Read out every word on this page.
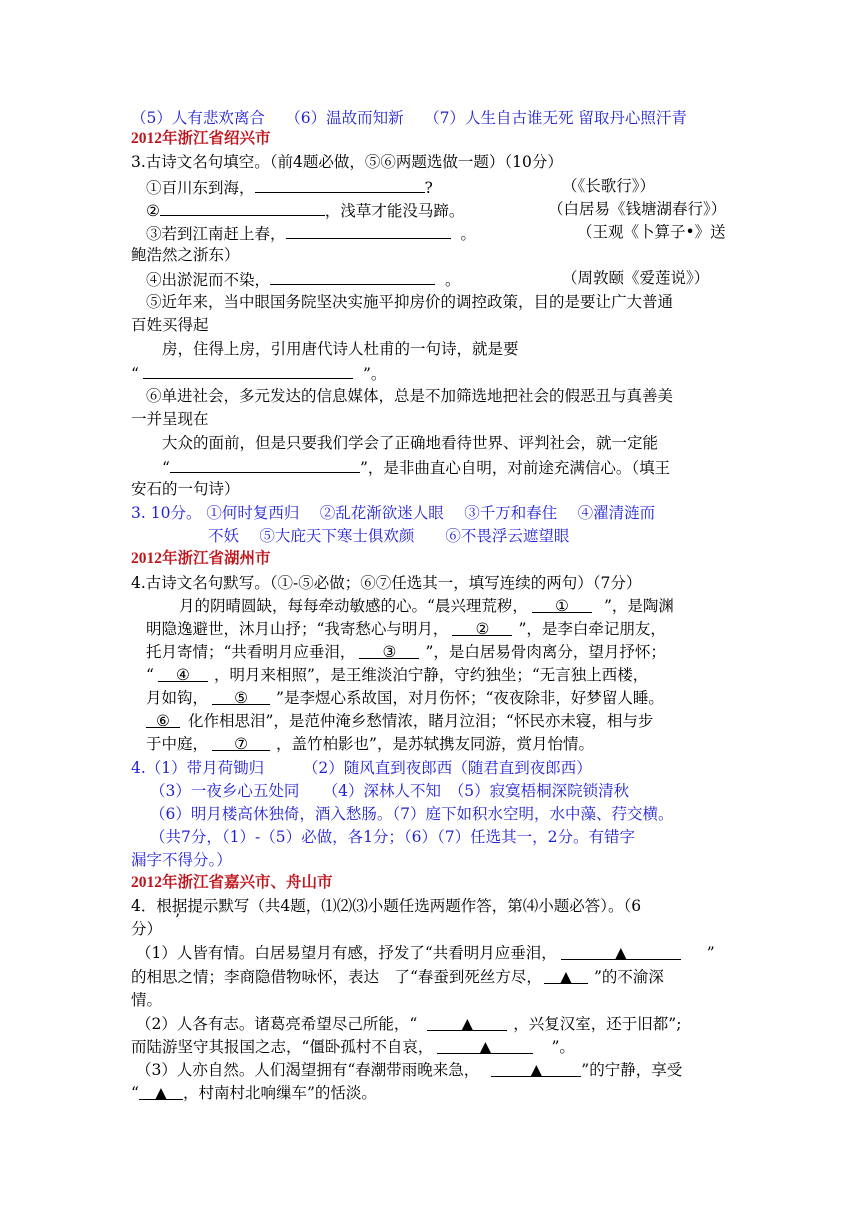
（5）人有悲欢离合　 （6）温故而知新　 （7）人生自古谁无死 留取丹心照汗青
2012年浙江省绍兴市
3.古诗文名句填空。（前4题必做，⑤⑥两题选做一题）（10分）
①百川东到海，	?	（《长歌行》）
②	，浅草才能没马蹄。	（白居易《钱塘湖春行》）
③若到江南赶上春，	。	（王观《卜算子•》送
鲍浩然之浙东）
④出淤泥而不染，	。	（周敦颐《爱莲说》）
⑤近年来，当中眼国务院坚决实施平抑房价的调控政策，目的是要让广大普通
百姓买得起
房，住得上房，引用唐代诗人杜甫的一句诗，就是要
“	”。
⑥单进社会，多元发达的信息媒体，总是不加筛选地把社会的假恶丑与真善美
一并呈现在
大众的面前，但是只要我们学会了正确地看待世界、评判社会，就一定能
“	”，是非曲直心自明，对前途充满信心。（填王
安石的一句诗）
3. 10分。 ①何时复西归　 ②乱花渐欲迷人眼　 ③千万和春住　 ④濯清涟而
不妖　 ⑤大庇天下寒士俱欢颜　　⑥不畏浮云遮望眼
2012年浙江省湖州市
4.古诗文名句默写。（①-⑤必做；⑥⑦任选其一，填写连续的两句）（7分）
月的阴晴圆缺，每每牵动敏感的心。“晨兴理荒秽， ① ”，是陶渊
明隐逸避世，沐月山抒；“我寄愁心与明月， ② ”，是李白牵记朋友，
托月寄情；“共看明月应垂泪， ③ ”，是白居易骨肉离分，望月抒怀；
“ ④ ，明月来相照”，是王维淡泊宁静，守约独坐；“无言独上西楼，
月如钩， ⑤ ”是李煜心系故国，对月伤怀；“夜夜除非，好梦留人睡。
⑥ 化作相思泪”，是范仲淹乡愁情浓，睹月泣泪；“怀民亦未寝，相与步
于中庭， ⑦ ，盖竹柏影也”，是苏轼携友同游，赏月怡情。
4.（1）带月荷锄归　　　（2）随风直到夜郎西（随君直到夜郎西）
（3）一夜乡心五处同　　（4）深林人不知　（5）寂寞梧桐深院锁清秋
（6）明月楼高休独倚，酒入愁肠。（7）庭下如积水空明，水中藻、荇交横。
（共7分，（1）-（5）必做，各1分；（6）（7）任选其一，2分。有错字
漏字不得分。）
2012年浙江省嘉兴市、舟山市
4．根据提示默写（共4题，⑴⑵⑶小题任选两题作答，第⑷小题必答）。（6
分） ’
（1）人皆有情。白居易望月有感，抒发了“共看明月应垂泪，	▲	”
的相思之情；李商隐借物咏怀，表达　了“春蚕到死丝方尽， ▲ ”的不渝深
情。
（2）人各有志。诸葛亮希望尽己所能，“	▲	，兴复汉室，还于旧都”;
而陆游坚守其报国之志，“僵卧孤村不自哀，	▲	”。
（3）人亦自然。人们渴望拥有“春潮带雨晚来急，	▲	”的宁静，享受
“ ▲ ，村南村北响缫车”的恬淡。
